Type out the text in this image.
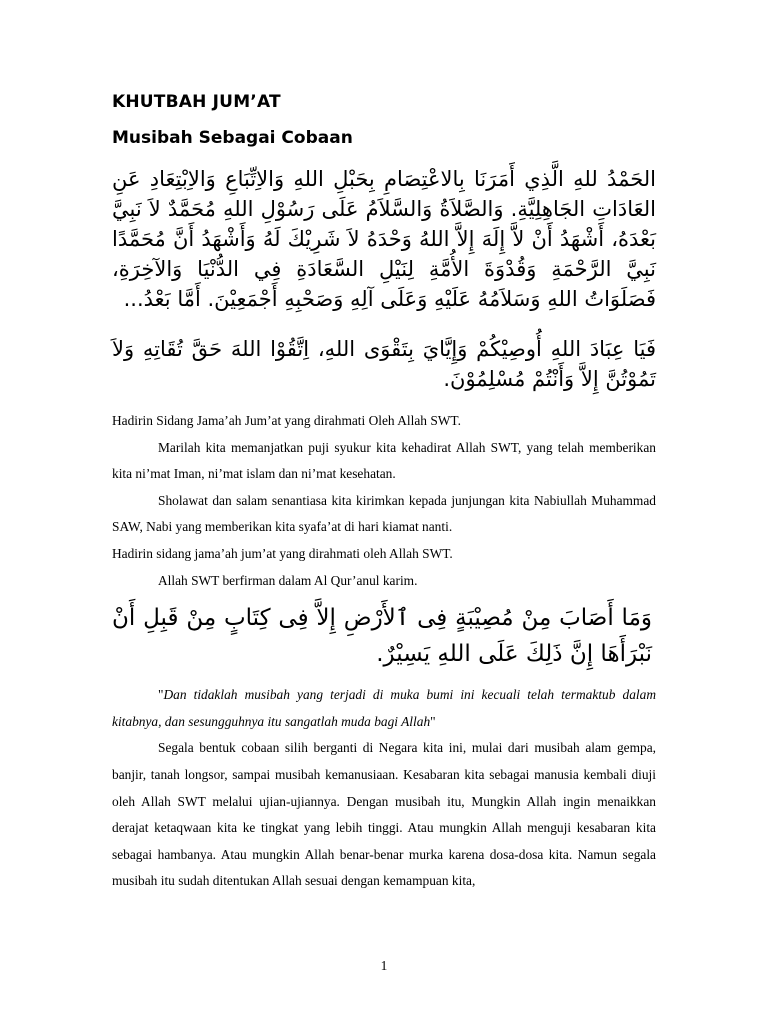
KHUTBAH JUM’AT
Musibah Sebagai Cobaan

الحَمْدُ للهِ الَّذِي أَمَرَنَا بِالاعْتِصَامِ بِحَبْلِ اللهِ وَالاِتِّبَاعِ وَالاِبْتِعَادِ عَنِ العَادَاتِ الجَاهِلِيَّةِ. وَالصَّلاَةُ وَالسَّلاَمُ عَلَى رَسُوْلِ اللهِ مُحَمَّدٌ لاَ نَبِيَّ بَعْدَهُ، أَشْهَدُ أَنْ لاَّ إِلَهَ إِلاَّ اللهُ وَحْدَهُ لاَ شَرِيْكَ لَهُ وَأَشْهَدُ أَنَّ مُحَمَّدًا نَبِيَّ الرَّحْمَةِ وَقُدْوَةَ الأُمَّةِ لِنَيْلِ السَّعَادَةِ فِي الدُّنْيَا وَالآخِرَةِ، فَصَلَوَاتُ اللهِ وَسَلاَمُهُ عَلَيْهِ وَعَلَى آلِهِ وَصَحْبِهِ أَجْمَعِيْنَ. أَمَّا بَعْدُ...

فَيَا عِبَادَ اللهِ أُوصِيْكُمْ وَإِيَّايَ بِتَقْوَى اللهِ، اِتَّقُوْا اللهَ حَقَّ تُقَاتِهِ وَلاَ تَمُوْتُنَّ إِلاَّ وَأَنْتُمْ مُسْلِمُوْنَ.

Hadirin Sidang Jama’ah Jum’at yang dirahmati Oleh Allah SWT.

Marilah kita memanjatkan puji syukur kita kehadirat Allah SWT, yang telah memberikan kita ni’mat Iman, ni’mat islam dan ni’mat kesehatan.

Sholawat dan salam senantiasa kita kirimkan kepada junjungan kita Nabiullah Muhammad SAW, Nabi yang memberikan kita syafa’at di hari kiamat nanti.

Hadirin sidang jama’ah jum’at yang dirahmati oleh Allah SWT.

Allah SWT berfirman dalam Al Qur’anul karim.

وَمَا أَصَابَ مِنْ مُصِيْبَةٍ فِى ٱلأَرْضِ إِلاَّ فِى كِتَابٍ مِنْ قَبِلِ أَنْ نَبْرَأَهَا إِنَّ ذَلِكَ عَلَى اللهِ يَسِيْرٌ.

"Dan tidaklah musibah yang terjadi di muka bumi ini kecuali telah termaktub dalam kitabnya, dan sesungguhnya itu sangatlah muda bagi Allah"

Segala bentuk cobaan silih berganti di Negara kita ini, mulai dari musibah alam gempa, banjir, tanah longsor, sampai musibah kemanusiaan. Kesabaran kita sebagai manusia kembali diuji oleh Allah SWT melalui ujian-ujiannya. Dengan musibah itu, Mungkin Allah ingin menaikkan derajat ketaqwaan kita ke tingkat yang lebih tinggi. Atau mungkin Allah menguji kesabaran kita sebagai hambanya. Atau mungkin Allah benar-benar murka karena dosa-dosa kita. Namun segala musibah itu sudah ditentukan Allah sesuai dengan kemampuan kita,

1
